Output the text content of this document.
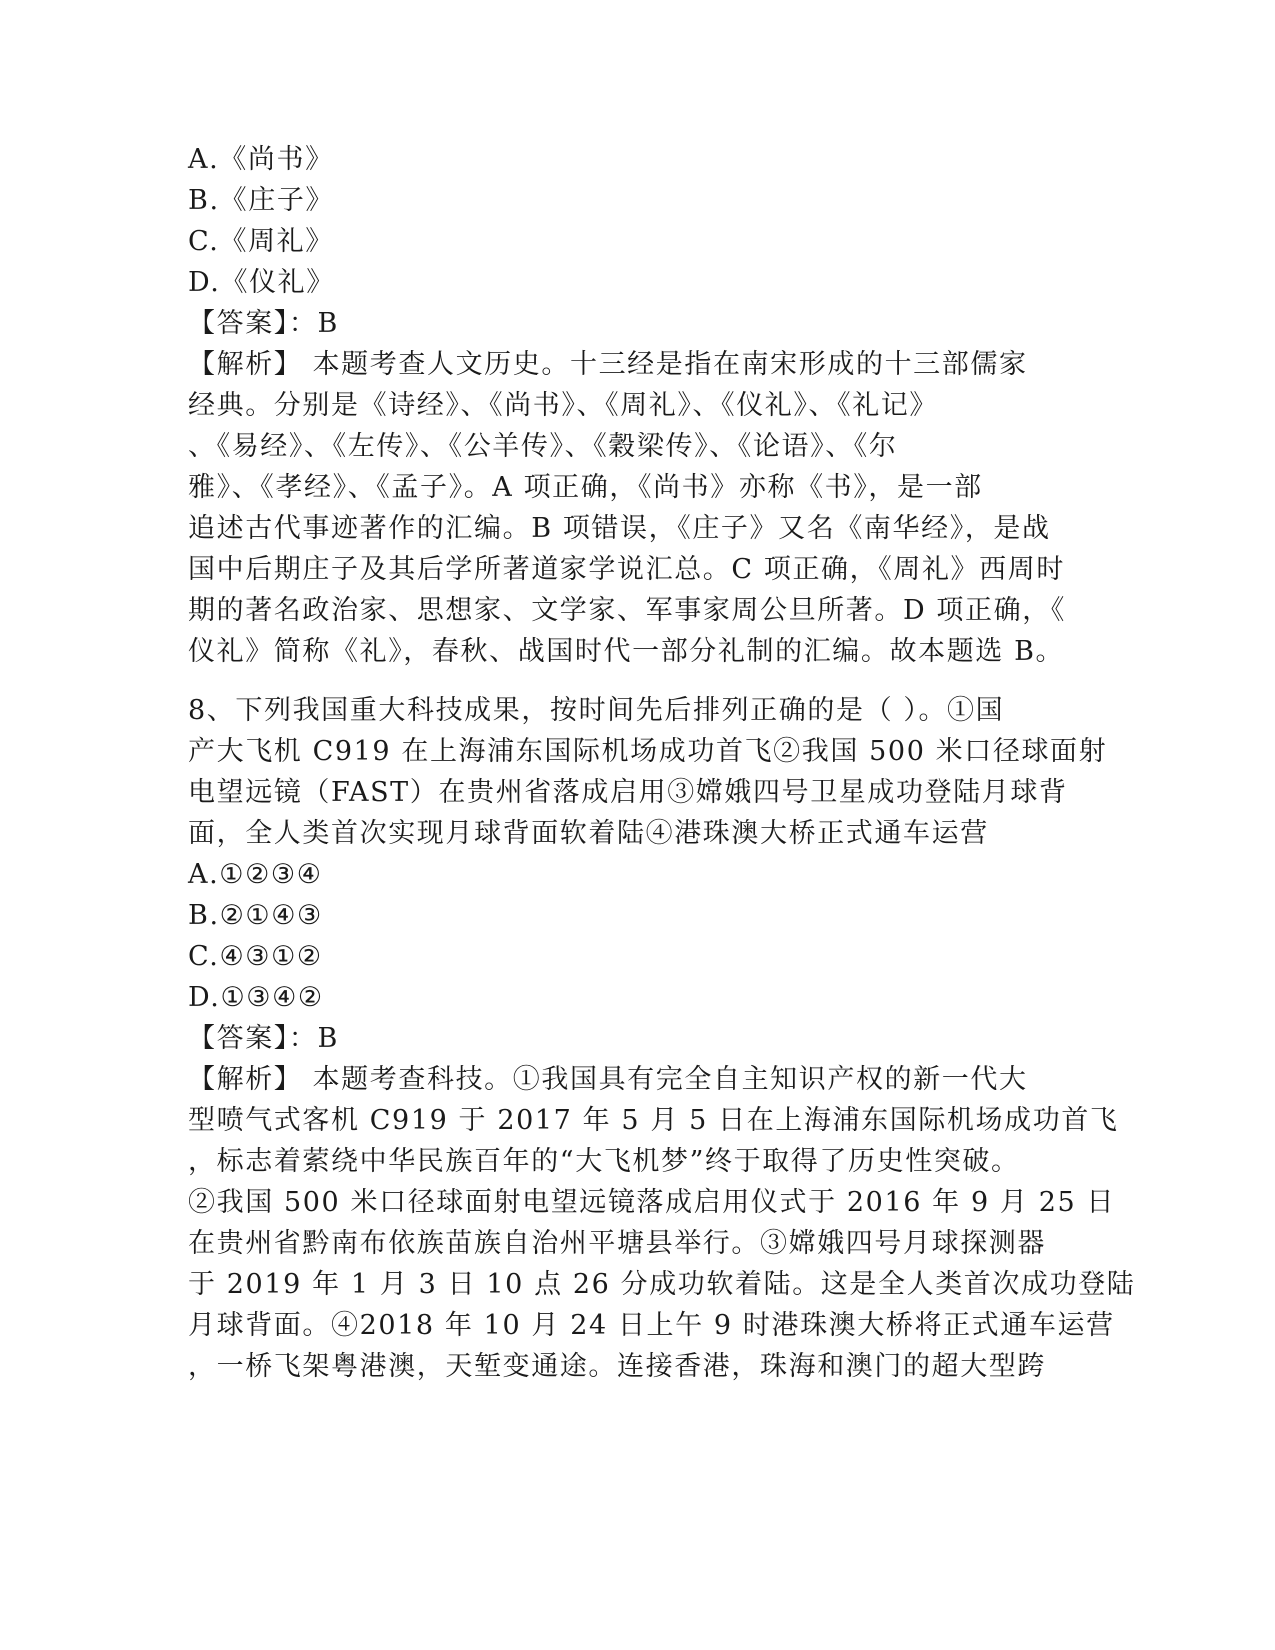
A.《尚书》
B.《庄子》
C.《周礼》
D.《仪礼》
【答案】：B
【解析】 本题考查人文历史。十三经是指在南宋形成的十三部儒家
经典。分别是《诗经》、《尚书》、《周礼》、《仪礼》、《礼记》
、《易经》、《左传》、《公羊传》、《穀梁传》、《论语》、《尔
雅》、《孝经》、《孟子》。A 项正确，《尚书》亦称《书》，是一部
追述古代事迹著作的汇编。B 项错误，《庄子》又名《南华经》，是战
国中后期庄子及其后学所著道家学说汇总。C 项正确，《周礼》西周时
期的著名政治家、思想家、文学家、军事家周公旦所著。D 项正确，《
仪礼》简称《礼》，春秋、战国时代一部分礼制的汇编。故本题选 B。
8、下列我国重大科技成果，按时间先后排列正确的是（ ）。①国
产大飞机 C919 在上海浦东国际机场成功首飞②我国 500 米口径球面射
电望远镜（FAST）在贵州省落成启用③嫦娥四号卫星成功登陆月球背
面，全人类首次实现月球背面软着陆④港珠澳大桥正式通车运营
A.①②③④
B.②①④③
C.④③①②
D.①③④②
【答案】：B
【解析】 本题考查科技。①我国具有完全自主知识产权的新一代大
型喷气式客机 C919 于 2017 年 5 月 5 日在上海浦东国际机场成功首飞
，标志着萦绕中华民族百年的“大飞机梦”终于取得了历史性突破。
②我国 500 米口径球面射电望远镜落成启用仪式于 2016 年 9 月 25 日
在贵州省黔南布依族苗族自治州平塘县举行。③嫦娥四号月球探测器
于 2019 年 1 月 3 日 10 点 26 分成功软着陆。这是全人类首次成功登陆
月球背面。④2018 年 10 月 24 日上午 9 时港珠澳大桥将正式通车运营
，一桥飞架粤港澳，天堑变通途。连接香港，珠海和澳门的超大型跨
